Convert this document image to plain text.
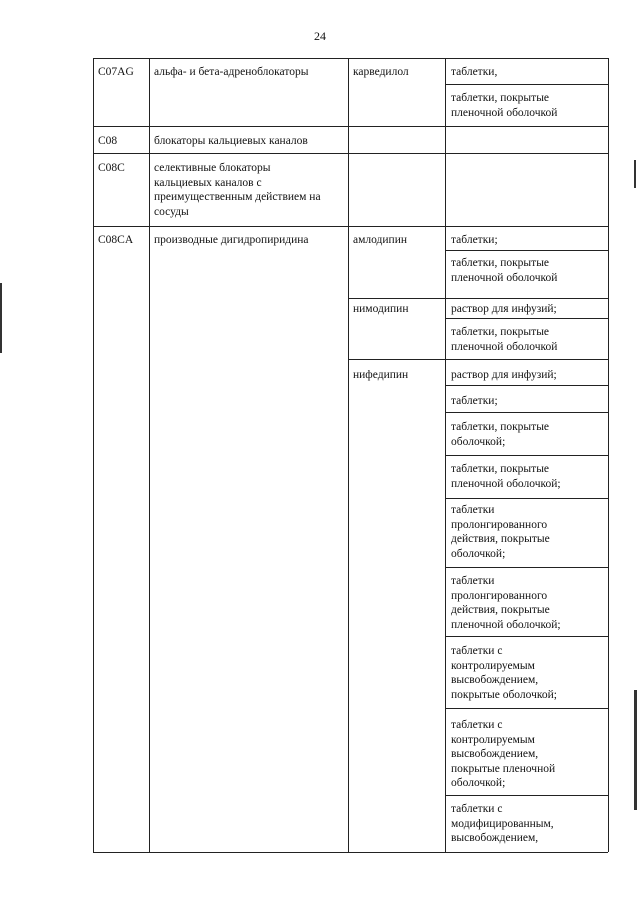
24
C07AG
C08
C08C
C08CA
альфа- и бета-адреноблокаторы
блокаторы кальциевых каналов
селективные блокаторы
кальциевых каналов с
преимущественным действием на
сосуды
производные дигидропиридина
карведилол
амлодипин
нимодипин
нифедипин
таблетки,
таблетки, покрытые
пленочной оболочкой
таблетки;
таблетки, покрытые
пленочной оболочкой
раствор для инфузий;
таблетки, покрытые
пленочной оболочкой
раствор для инфузий;
таблетки;
таблетки, покрытые
оболочкой;
таблетки, покрытые
пленочной оболочкой;
таблетки
пролонгированного
действия, покрытые
оболочкой;
таблетки
пролонгированного
действия, покрытые
пленочной оболочкой;
таблетки с
контролируемым
высвобождением,
покрытые оболочкой;
таблетки с
контролируемым
высвобождением,
покрытые пленочной
оболочкой;
таблетки с
модифицированным,
высвобождением,
